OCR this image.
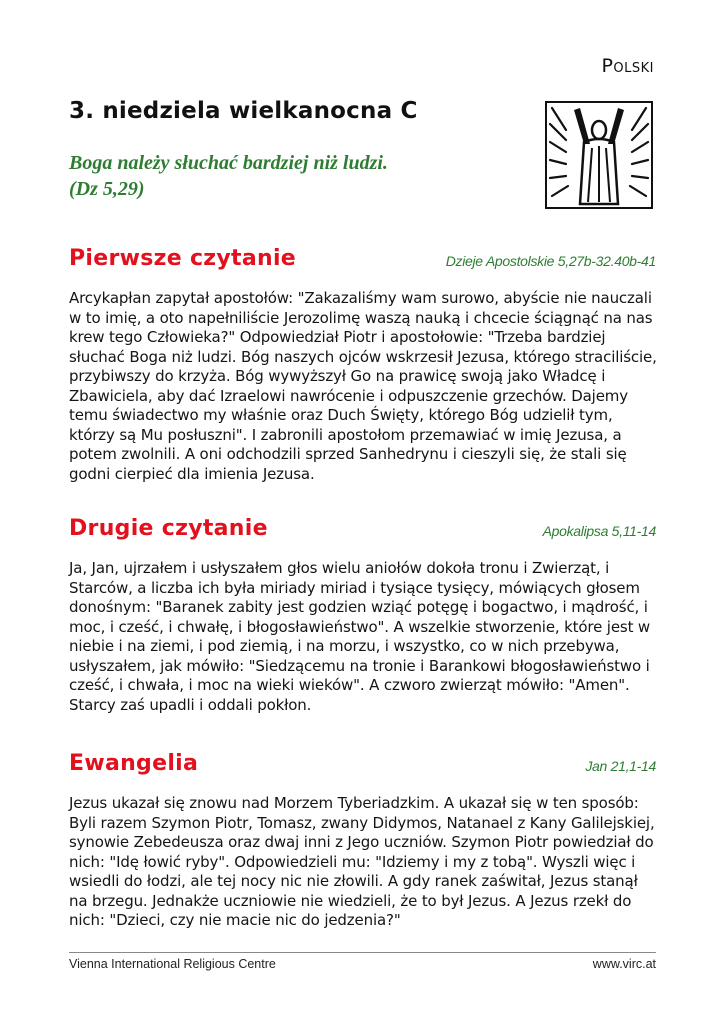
Polski
3. niedziela wielkanocna C
Boga należy słuchać bardziej niż ludzi.
(Dz 5,29)
Pierwsze czytanie	Dzieje Apostolskie 5,27b-32.40b-41
Arcykapłan zapytał apostołów: "Zakazaliśmy wam surowo, abyście nie nauczali w to imię, a oto napełniliście Jerozolimę waszą nauką i chcecie ściągnąć na nas krew tego Człowieka?" Odpowiedział Piotr i apostołowie: "Trzeba bardziej słuchać Boga niż ludzi. Bóg naszych ojców wskrzesił Jezusa, którego straciliście, przybiwszy do krzyża. Bóg wywyższył Go na prawicę swoją jako Władcę i Zbawiciela, aby dać Izraelowi nawrócenie i odpuszczenie grzechów. Dajemy temu świadectwo my właśnie oraz Duch Święty, którego Bóg udzielił tym, którzy są Mu posłuszni". I zabronili apostołom przemawiać w imię Jezusa, a potem zwolnili. A oni odchodzili sprzed Sanhedrynu i cieszyli się, że stali się godni cierpieć dla imienia Jezusa.
Drugie czytanie	Apokalipsa 5,11-14
Ja, Jan, ujrzałem i usłyszałem głos wielu aniołów dokoła tronu i Zwierząt, i Starców, a liczba ich była miriady miriad i tysiące tysięcy, mówiących głosem donośnym: "Baranek zabity jest godzien wziąć potęgę i bogactwo, i mądrość, i moc, i cześć, i chwałę, i błogosławieństwo". A wszelkie stworzenie, które jest w niebie i na ziemi, i pod ziemią, i na morzu, i wszystko, co w nich przebywa, usłyszałem, jak mówiło: "Siedzącemu na tronie i Barankowi błogosławieństwo i cześć, i chwała, i moc na wieki wieków". A czworo zwierząt mówiło: "Amen". Starcy zaś upadli i oddali pokłon.
Ewangelia	Jan 21,1-14
Jezus ukazał się znowu nad Morzem Tyberiadzkim. A ukazał się w ten sposób: Byli razem Szymon Piotr, Tomasz, zwany Didymos, Natanael z Kany Galilejskiej, synowie Zebedeusza oraz dwaj inni z Jego uczniów. Szymon Piotr powiedział do nich: "Idę łowić ryby". Odpowiedzieli mu: "Idziemy i my z tobą". Wyszli więc i wsiedli do łodzi, ale tej nocy nic nie złowili. A gdy ranek zaświtał, Jezus stanął na brzegu. Jednakże uczniowie nie wiedzieli, że to był Jezus. A Jezus rzekł do nich: "Dzieci, czy nie macie nic do jedzenia?"
Vienna International Religious Centre	www.virc.at
